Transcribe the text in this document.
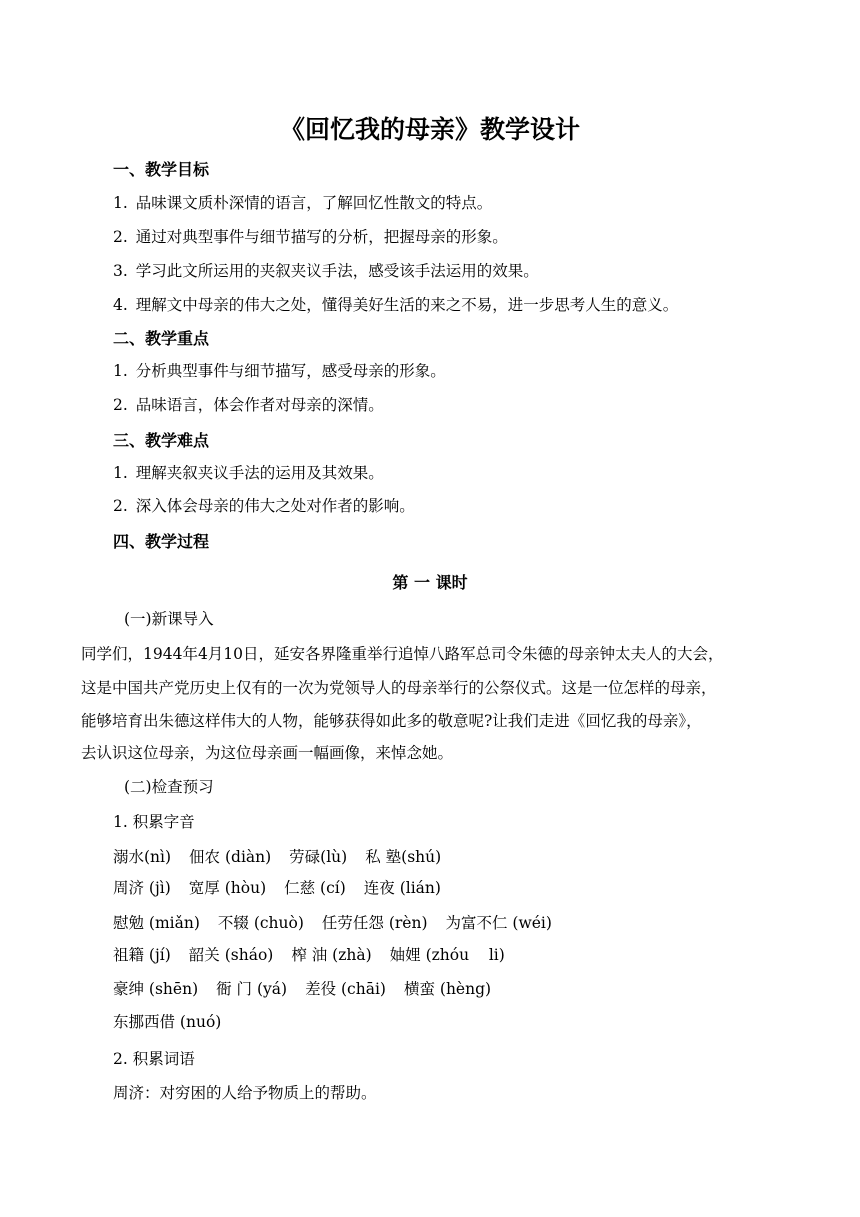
《回忆我的母亲》教学设计
一、教学目标
1. 品味课文质朴深情的语言，了解回忆性散文的特点。
2. 通过对典型事件与细节描写的分析，把握母亲的形象。
3. 学习此文所运用的夹叙夹议手法，感受该手法运用的效果。
4. 理解文中母亲的伟大之处，懂得美好生活的来之不易，进一步思考人生的意义。
二、教学重点
1. 分析典型事件与细节描写，感受母亲的形象。
2. 品味语言，体会作者对母亲的深情。
三、教学难点
1. 理解夹叙夹议手法的运用及其效果。
2. 深入体会母亲的伟大之处对作者的影响。
四、教学过程
第 一 课时
(一)新课导入
同学们，1944年4月10日，延安各界隆重举行追悼八路军总司令朱德的母亲钟太夫人的大会，
这是中国共产党历史上仅有的一次为党领导人的母亲举行的公祭仪式。这是一位怎样的母亲，
能够培育出朱德这样伟大的人物，能够获得如此多的敬意呢?让我们走进《回忆我的母亲》，
去认识这位母亲，为这位母亲画一幅画像，来悼念她。
(二)检查预习
1. 积累字音
溺水(nì) 佃农 (diàn) 劳碌(lù) 私 塾(shú)
周济 (jì) 宽厚 (hòu) 仁慈 (cí) 连夜 (lián)
慰勉 (miǎn) 不辍 (chuò) 任劳任怨 (rèn) 为富不仁 (wéi)
祖籍 (jí) 韶关 (sháo) 榨 油 (zhà) 妯娌 (zhóu    li)
豪绅 (shēn) 衙 门 (yá) 差役 (chāi) 横蛮 (hèng)
东挪西借 (nuó)
2. 积累词语
周济：对穷困的人给予物质上的帮助。
